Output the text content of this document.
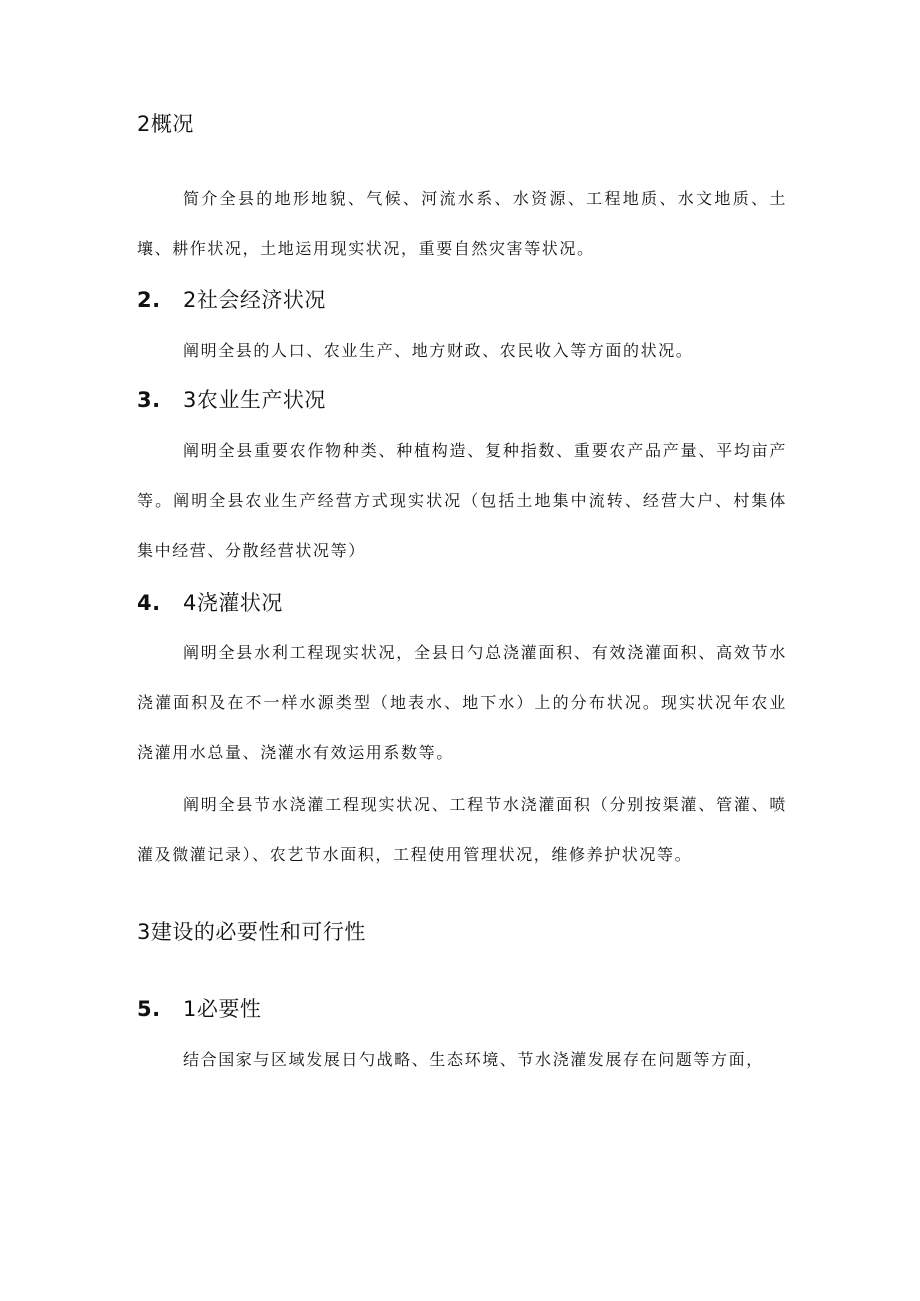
2概况
简介全县的地形地貌、气候、河流水系、水资源、工程地质、水文地质、土壤、耕作状况，土地运用现实状况，重要自然灾害等状况。
2. 2社会经济状况
阐明全县的人口、农业生产、地方财政、农民收入等方面的状况。
3. 3农业生产状况
阐明全县重要农作物种类、种植构造、复种指数、重要农产品产量、平均亩产等。阐明全县农业生产经营方式现实状况（包括土地集中流转、经营大户、村集体集中经营、分散经营状况等）
4. 4浇灌状况
阐明全县水利工程现实状况，全县日勺总浇灌面积、有效浇灌面积、高效节水浇灌面积及在不一样水源类型（地表水、地下水）上的分布状况。现实状况年农业浇灌用水总量、浇灌水有效运用系数等。
阐明全县节水浇灌工程现实状况、工程节水浇灌面积（分别按渠灌、管灌、喷灌及微灌记录）、农艺节水面积，工程使用管理状况，维修养护状况等。
3建设的必要性和可行性
5. 1必要性
结合国家与区域发展日勺战略、生态环境、节水浇灌发展存在问题等方面，
